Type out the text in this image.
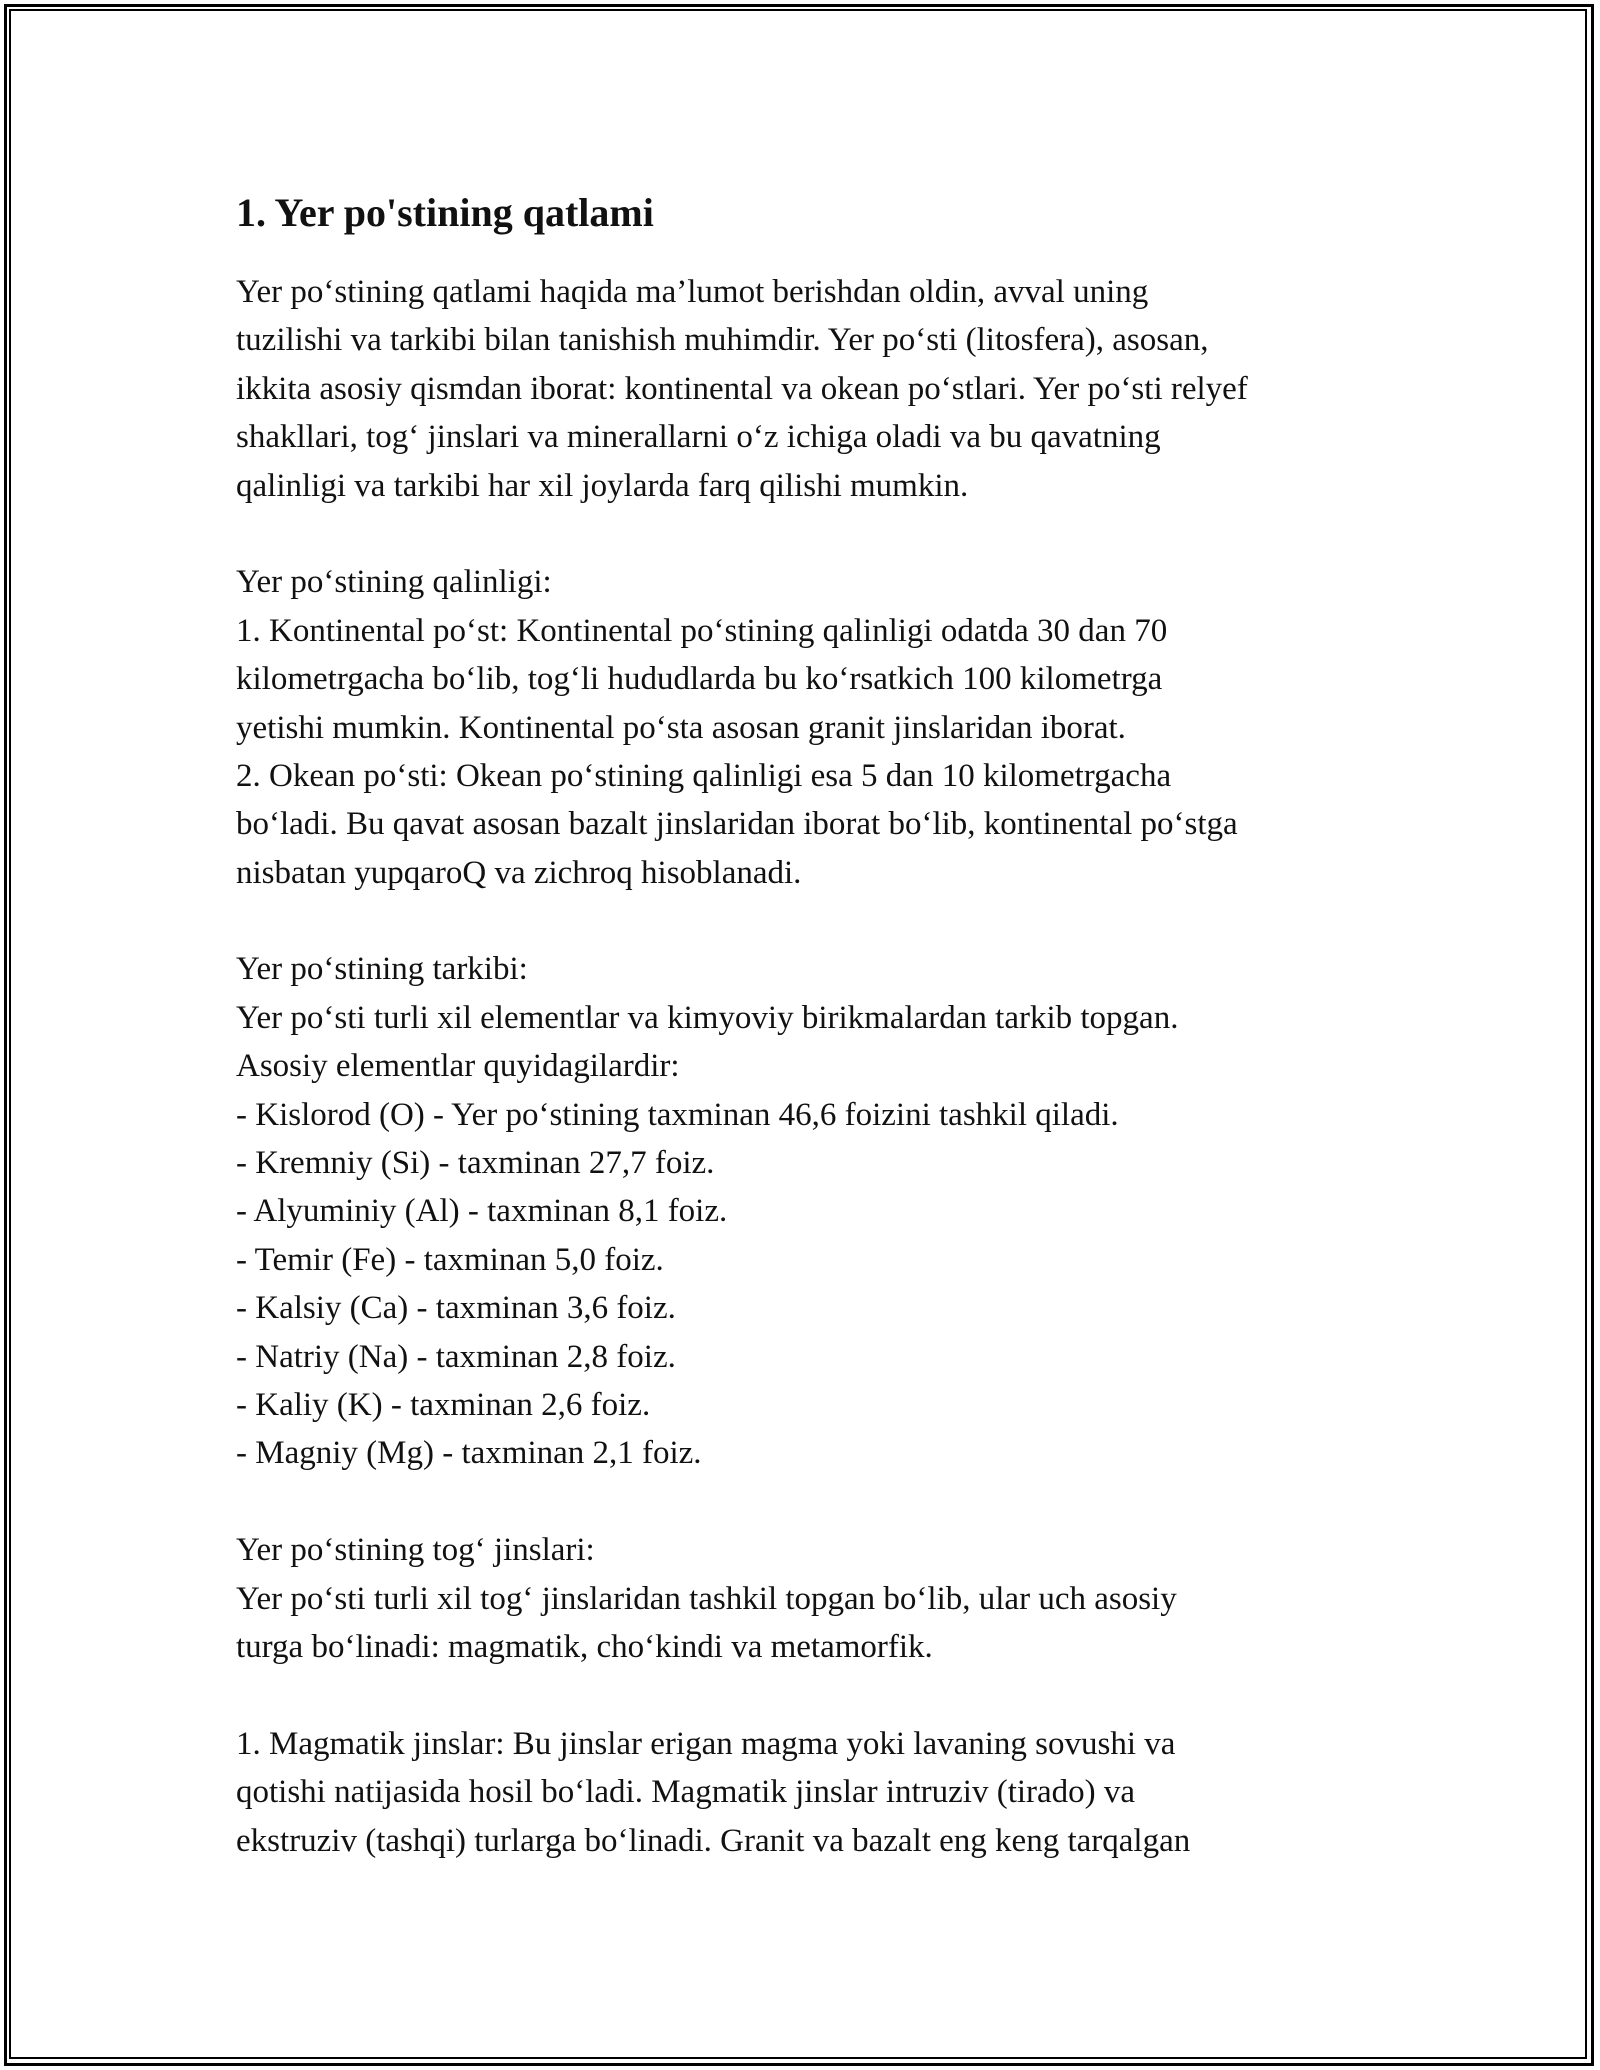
1. Yer po'stining qatlami
Yer po‘stining qatlami haqida ma’lumot berishdan oldin, avval uning
tuzilishi va tarkibi bilan tanishish muhimdir. Yer po‘sti (litosfera), asosan,
ikkita asosiy qismdan iborat: kontinental va okean po‘stlari. Yer po‘sti relyef
shakllari, tog‘ jinslari va minerallarni o‘z ichiga oladi va bu qavatning
qalinligi va tarkibi har xil joylarda farq qilishi mumkin.
Yer po‘stining qalinligi:
1. Kontinental po‘st: Kontinental po‘stining qalinligi odatda 30 dan 70
kilometrgacha bo‘lib, tog‘li hududlarda bu ko‘rsatkich 100 kilometrga
yetishi mumkin. Kontinental po‘sta asosan granit jinslaridan iborat.
2. Okean po‘sti: Okean po‘stining qalinligi esa 5 dan 10 kilometrgacha
bo‘ladi. Bu qavat asosan bazalt jinslaridan iborat bo‘lib, kontinental po‘stga
nisbatan yupqaroQ va zichroq hisoblanadi.
Yer po‘stining tarkibi:
Yer po‘sti turli xil elementlar va kimyoviy birikmalardan tarkib topgan.
Asosiy elementlar quyidagilardir:
- Kislorod (O) - Yer po‘stining taxminan 46,6 foizini tashkil qiladi.
- Kremniy (Si) - taxminan 27,7 foiz.
- Alyuminiy (Al) - taxminan 8,1 foiz.
- Temir (Fe) - taxminan 5,0 foiz.
- Kalsiy (Ca) - taxminan 3,6 foiz.
- Natriy (Na) - taxminan 2,8 foiz.
- Kaliy (K) - taxminan 2,6 foiz.
- Magniy (Mg) - taxminan 2,1 foiz.
Yer po‘stining tog‘ jinslari:
Yer po‘sti turli xil tog‘ jinslaridan tashkil topgan bo‘lib, ular uch asosiy
turga bo‘linadi: magmatik, cho‘kindi va metamorfik.
1. Magmatik jinslar: Bu jinslar erigan magma yoki lavaning sovushi va
qotishi natijasida hosil bo‘ladi. Magmatik jinslar intruziv (tirado) va
ekstruziv (tashqi) turlarga bo‘linadi. Granit va bazalt eng keng tarqalgan
